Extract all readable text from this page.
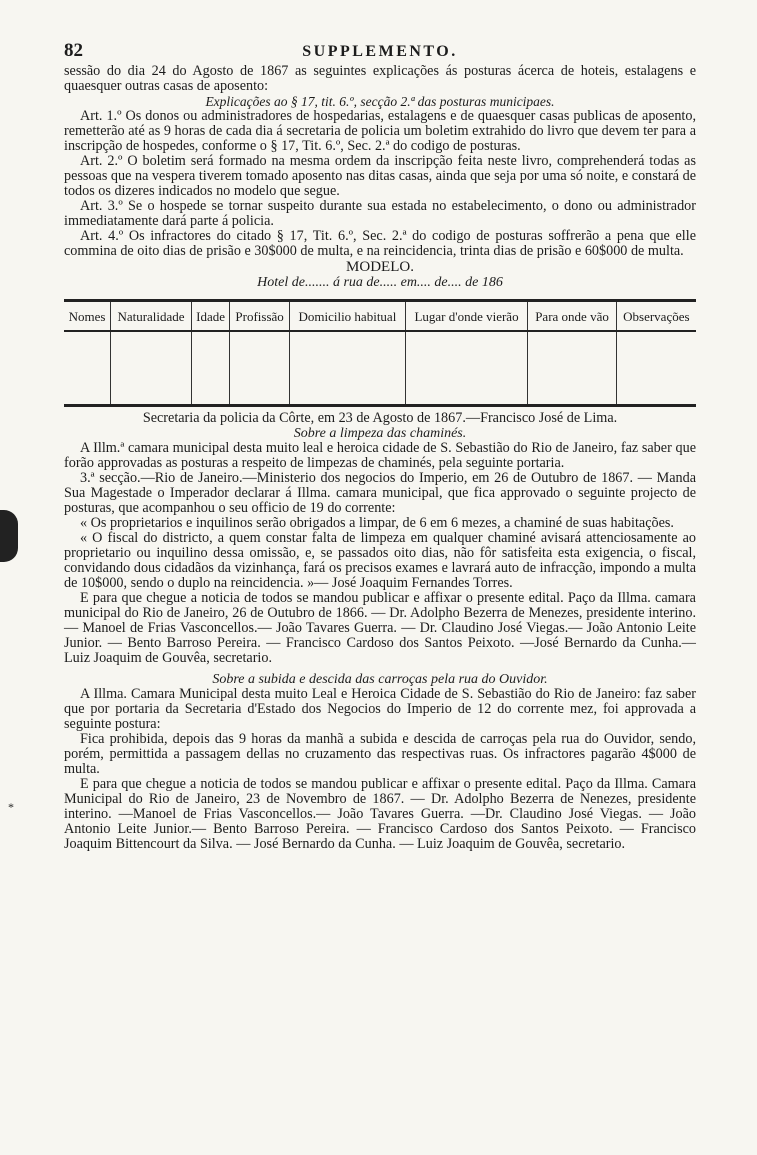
*
82	SUPPLEMENTO.

sessão do dia 24 do Agosto de 1867 as seguintes explicações ás posturas ácerca de hoteis, estalagens e quaesquer outras casas de aposento:

Explicações ao § 17, tit. 6.º, secção 2.ª das posturas municipaes.

Art. 1.º Os donos ou administradores de hospedarias, estalagens e de quaesquer casas publicas de aposento, remetterão até as 9 horas de cada dia á secretaria de policia um boletim extrahido do livro que devem ter para a inscripção de hospedes, conforme o § 17, Tit. 6.º, Sec. 2.ª do codigo de posturas.

Art. 2.º O boletim será formado na mesma ordem da inscripção feita neste livro, comprehenderá todas as pessoas que na vespera tiverem tomado aposento nas ditas casas, ainda que seja por uma só noite, e constará de todos os dizeres indicados no modelo que segue.

Art. 3.º Se o hospede se tornar suspeito durante sua estada no estabelecimento, o dono ou administrador immediatamente dará parte á policia.

Art. 4.º Os infractores do citado § 17, Tit. 6.º, Sec. 2.ª do codigo de posturas soffrerão a pena que elle commina de oito dias de prisão e 30$000 de multa, e na reincidencia, trinta dias de prisão e 60$000 de multa.

MODELO.
Hotel de....... á rua de..... em.... de.... de 186
Nomes	Naturalidade	Idade	Profissão	Domicilio habitual	Lugar d'onde vierão	Para onde vão	Observações

Secretaria da policia da Côrte, em 23 de Agosto de 1867.—Francisco José de Lima.

Sobre a limpeza das chaminés.

A Illm.ª camara municipal desta muito leal e heroica cidade de S. Sebastião do Rio de Janeiro, faz saber que forão approvadas as posturas a respeito de limpezas de chaminés, pela seguinte portaria.

3.ª secção.—Rio de Janeiro.—Ministerio dos negocios do Imperio, em 26 de Outubro de 1867. — Manda Sua Magestade o Imperador declarar á Illma. camara municipal, que fica approvado o seguinte projecto de posturas, que acompanhou o seu officio de 19 do corrente:

« Os proprietarios e inquilinos serão obrigados a limpar, de 6 em 6 mezes, a chaminé de suas habitações.

« O fiscal do districto, a quem constar falta de limpeza em qualquer chaminé avisará attenciosamente ao proprietario ou inquilino dessa omissão, e, se passados oito dias, não fôr satisfeita esta exigencia, o fiscal, convidando dous cidadãos da vizinhança, fará os precisos exames e lavrará auto de infracção, impondo a multa de 10$000, sendo o duplo na reincidencia. »— José Joaquim Fernandes Torres.

E para que chegue a noticia de todos se mandou publicar e affixar o presente edital. Paço da Illma. camara municipal do Rio de Janeiro, 26 de Outubro de 1866. — Dr. Adolpho Bezerra de Menezes, presidente interino. — Manoel de Frias Vasconcellos.— João Tavares Guerra. — Dr. Claudino José Viegas.— João Antonio Leite Junior. — Bento Barroso Pereira. — Francisco Cardoso dos Santos Peixoto. —José Bernardo da Cunha.— Luiz Joaquim de Gouvêa, secretario.

Sobre a subida e descida das carroças pela rua do Ouvidor.

A Illma. Camara Municipal desta muito Leal e Heroica Cidade de S. Sebastião do Rio de Janeiro: faz saber que por portaria da Secretaria d'Estado dos Negocios do Imperio de 12 do corrente mez, foi approvada a seguinte postura:

Fica prohibida, depois das 9 horas da manhã a subida e descida de carroças pela rua do Ouvidor, sendo, porém, permittida a passagem dellas no cruzamento das respectivas ruas. Os infractores pagarão 4$000 de multa.

E para que chegue a noticia de todos se mandou publicar e affixar o presente edital. Paço da Illma. Camara Municipal do Rio de Janeiro, 23 de Novembro de 1867. — Dr. Adolpho Bezerra de Nenezes, presidente interino. —Manoel de Frias Vasconcellos.— João Tavares Guerra. —Dr. Claudino José Viegas. — João Antonio Leite Junior.— Bento Barroso Pereira. — Francisco Cardoso dos Santos Peixoto. — Francisco Joaquim Bittencourt da Silva. — José Bernardo da Cunha. — Luiz Joaquim de Gouvêa, secretario.
